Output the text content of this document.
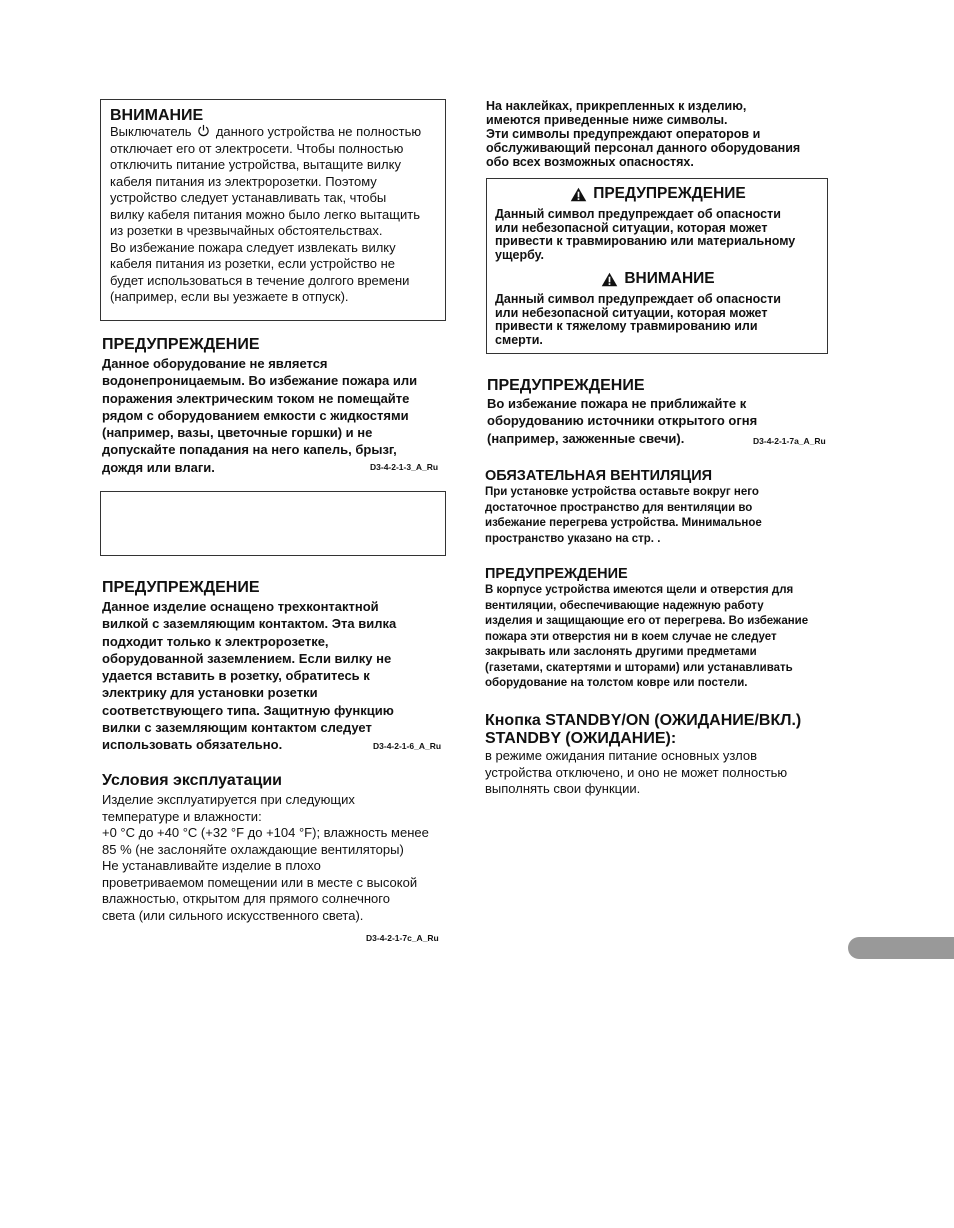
ВНИМАНИЕ
Выключатель данного устройства не полностью
отключает его от электросети. Чтобы полностью
отключить питание устройства, вытащите вилку
кабеля питания из электророзетки. Поэтому
устройство следует устанавливать так, чтобы
вилку кабеля питания можно было легко вытащить
из розетки в чрезвычайных обстоятельствах.
Во избежание пожара следует извлекать вилку
кабеля питания из розетки, если устройство не
будет использоваться в течение долгого времени
(например, если вы уезжаете в отпуск).
ПРЕДУПРЕЖДЕНИЕ
Данное оборудование не является
водонепроницаемым. Во избежание пожара или
поражения электрическим током не помещайте
рядом с оборудованием емкости с жидкостями
(например, вазы, цветочные горшки) и не
допускайте попадания на него капель, брызг,
дождя или влаги.	D3-4-2-1-3_A_Ru
ПРЕДУПРЕЖДЕНИЕ
Данное изделие оснащено трехконтактной
вилкой с заземляющим контактом. Эта вилка
подходит только к электророзетке,
оборудованной заземлением. Если вилку не
удается вставить в розетку, обратитесь к
электрику для установки розетки
соответствующего типа. Защитную функцию
вилки с заземляющим контактом следует
использовать обязательно.	D3-4-2-1-6_A_Ru
Условия эксплуатации
Изделие эксплуатируется при следующих
температуре и влажности:
+0 °C до +40 °C (+32 °F до +104 °F); влажность менее
85 % (не заслоняйте охлаждающие вентиляторы)
Не устанавливайте изделие в плохо
проветриваемом помещении или в месте с высокой
влажностью, открытом для прямого солнечного
света (или сильного искусственного света).
D3-4-2-1-7c_A_Ru
На наклейках, прикрепленных к изделию,
имеются приведенные ниже символы.
Эти символы предупреждают операторов и
обслуживающий персонал данного оборудования
обо всех возможных опасностях.
ПРЕДУПРЕЖДЕНИЕ
Данный символ предупреждает об опасности
или небезопасной ситуации, которая может
привести к травмированию или материальному
ущербу.
ВНИМАНИЕ
Данный символ предупреждает об опасности
или небезопасной ситуации, которая может
привести к тяжелому травмированию или
смерти.
ПРЕДУПРЕЖДЕНИЕ
Во избежание пожара не приближайте к
оборудованию источники открытого огня
(например, зажженные свечи).	D3-4-2-1-7a_A_Ru
ОБЯЗАТЕЛЬНАЯ ВЕНТИЛЯЦИЯ
При установке устройства оставьте вокруг него
достаточное пространство для вентиляции во
избежание перегрева устройства. Минимальное
пространство указано на стр. .
ПРЕДУПРЕЖДЕНИЕ
В корпусе устройства имеются щели и отверстия для
вентиляции, обеспечивающие надежную работу
изделия и защищающие его от перегрева. Во избежание
пожара эти отверстия ни в коем случае не следует
закрывать или заслонять другими предметами
(газетами, скатертями и шторами) или устанавливать
оборудование на толстом ковре или постели.
Кнопка STANDBY/ON (ОЖИДАНИЕ/ВКЛ.)
STANDBY (ОЖИДАНИЕ):
в режиме ожидания питание основных узлов
устройства отключено, и оно не может полностью
выполнять свои функции.
